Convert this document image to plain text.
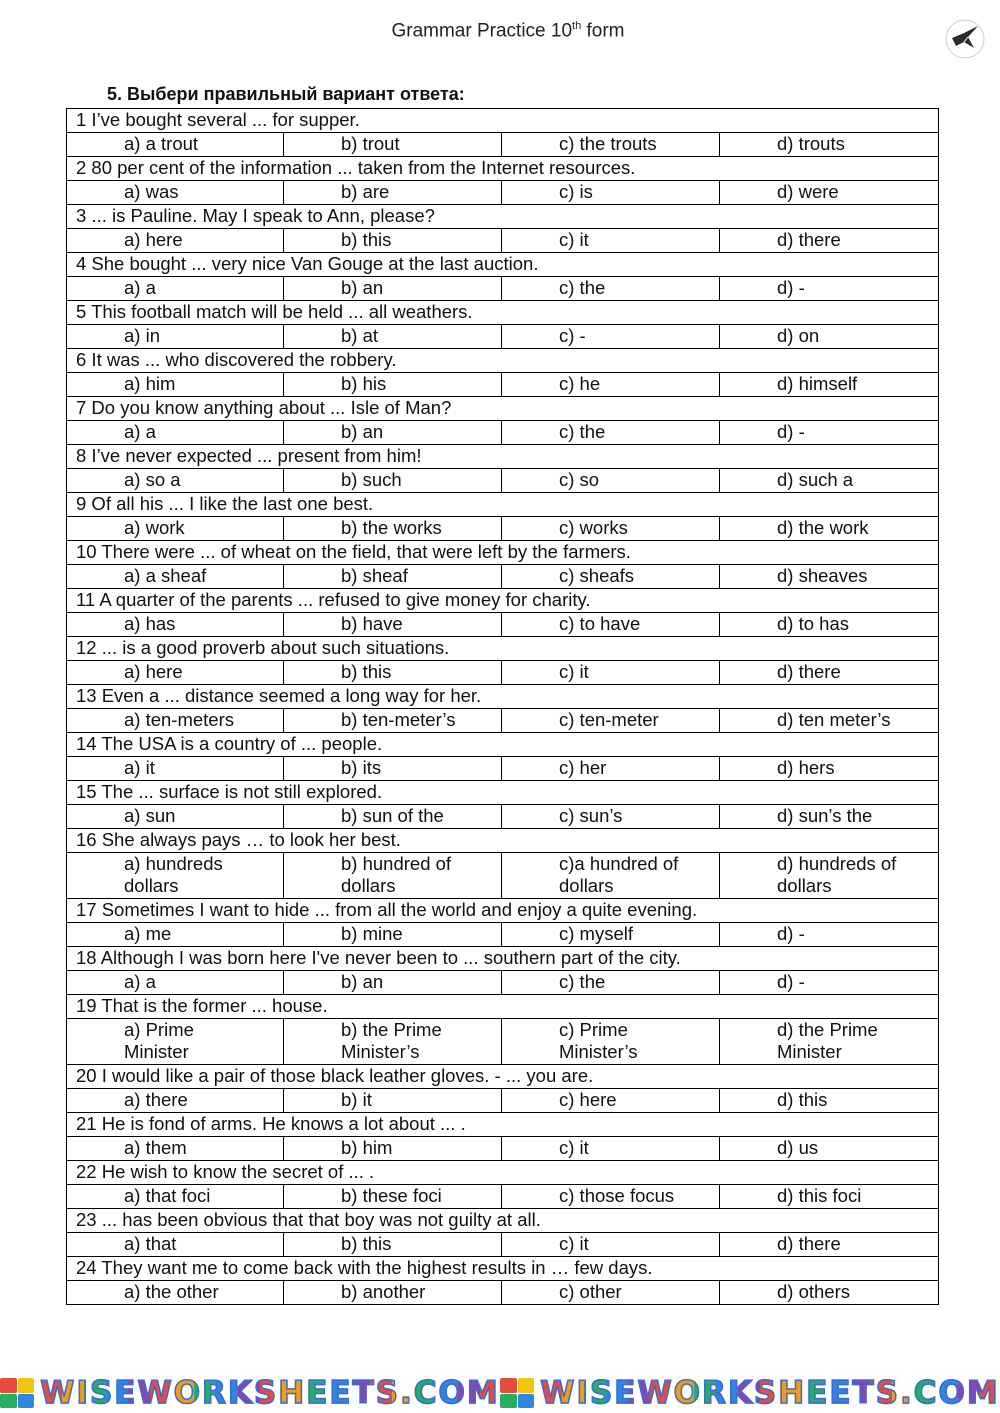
Grammar Practice 10th form
5. Выбери правильный вариант ответа:
1 I’ve bought several ... for supper.			
a) a trout	b) trout	c) the trouts	d) trouts
2 80 per cent of the information ... taken from the Internet resources.			
a) was	b) are	c) is	d) were
3 ... is Pauline. May I speak to Ann, please?			
a) here	b) this	c) it	d) there
4 She bought ... very nice Van Gouge at the last auction.			
a) a	b) an	c) the	d) -
5 This football match will be held ... all weathers.			
a) in	b) at	c) -	d) on
6 It was ... who discovered the robbery.			
a) him	b) his	c) he	d) himself
7 Do you know anything about ... Isle of Man?			
a) a	b) an	c) the	d) -
8 I’ve never expected ... present from him!			
a) so a	b) such	c) so	d) such a
9 Of all his ... I like the last one best.			
a) work	b) the works	c) works	d) the work
10 There were ... of wheat on the field, that were left by the farmers.			
a) a sheaf	b) sheaf	c) sheafs	d) sheaves
11 A quarter of the parents ... refused to give money for charity.			
a) has	b) have	c) to have	d) to has
12 ... is a good proverb about such situations.			
a) here	b) this	c) it	d) there
13 Even a ... distance seemed a long way for her.			
a) ten-meters	b) ten-meter’s	c) ten-meter	d) ten meter’s
14 The USA is a country of ... people.			
a) it	b) its	c) her	d) hers
15 The ... surface is not still explored.			
a) sun	b) sun of the	c) sun’s	d) sun’s the
16 She always pays … to look her best.			
a) hundreds
dollars	b) hundred of
dollars	c)a hundred of
dollars	d) hundreds of
dollars
17 Sometimes I want to hide ... from all the world and enjoy a quite evening.			
a) me	b) mine	c) myself	d) -
18 Although I was born here I've never been to ... southern part of the city.			
a) a	b) an	c) the	d) -
19 That is the former ... house.			
a) Prime
Minister	b) the Prime
Minister’s	c) Prime
Minister’s	d) the Prime
Minister
20 I would like a pair of those black leather gloves. - ... you are.			
a) there	b) it	c) here	d) this
21 He is fond of arms. He knows a lot about ... .			
a) them	b) him	c) it	d) us
22 He wish to know the secret of ... .			
a) that foci	b) these foci	c) those focus	d) this foci
23 ... has been obvious that that boy was not guilty at all.			
a) that	b) this	c) it	d) there
24 They want me to come back with the highest results in … few days.			
a) the other	b) another	c) other	d) others
WISEWORKSHEETS.COM WISEWORKSHEETS.COM
